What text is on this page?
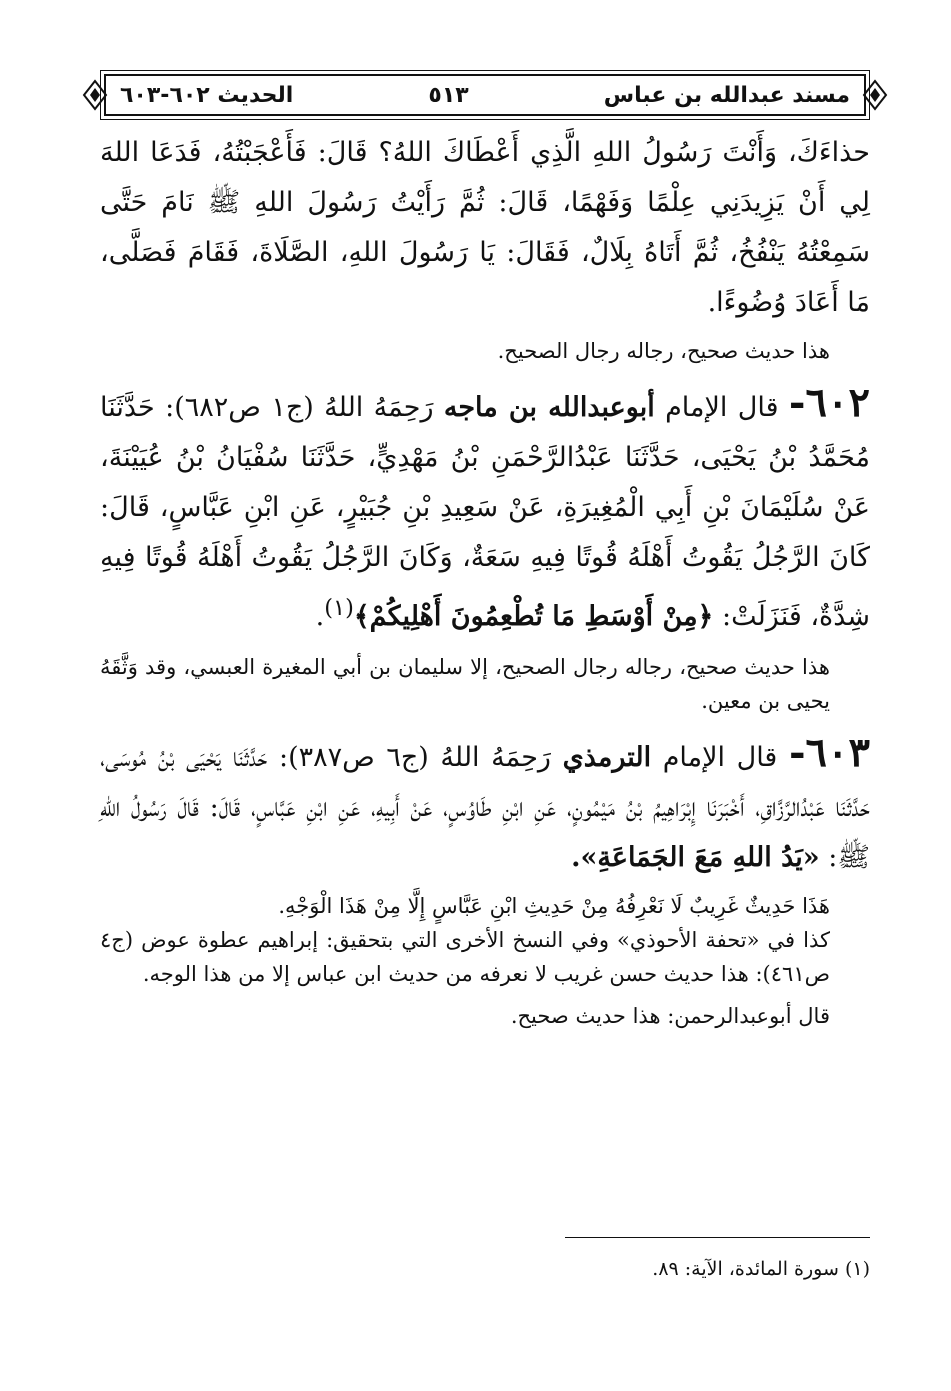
مسند عبدالله بن عباس
٥١٣
الحديث ٦٠٢-٦٠٣

حذاءَكَ، وَأَنْتَ رَسُولُ اللهِ الَّذِي أَعْطَاكَ اللهُ؟ قَالَ: فَأَعْجَبْتُهُ، فَدَعَا اللهَ لِي أَنْ يَزِيدَنِي عِلْمًا وَفَهْمًا، قَالَ: ثُمَّ رَأَيْتُ رَسُولَ اللهِ ﷺ نَامَ حَتَّى سَمِعْتُهُ يَنْفُخُ، ثُمَّ أَتَاهُ بِلَالٌ، فَقَالَ: يَا رَسُولَ اللهِ، الصَّلَاةَ، فَقَامَ فَصَلَّى، مَا أَعَادَ وُضُوءًا.

هذا حديث صحيح، رجاله رجال الصحيح.

٦٠٢- قال الإمام أبوعبدالله بن ماجه رَحِمَهُ اللهُ (ج١ ص٦٨٢): حَدَّثَنَا مُحَمَّدُ بْنُ يَحْيَى، حَدَّثَنَا عَبْدُالرَّحْمَنِ بْنُ مَهْدِيٍّ، حَدَّثَنَا سُفْيَانُ بْنُ عُيَيْنَةَ، عَنْ سُلَيْمَانَ بْنِ أَبِي الْمُغِيرَةِ، عَنْ سَعِيدِ بْنِ جُبَيْرٍ، عَنِ ابْنِ عَبَّاسٍ، قَالَ: كَانَ الرَّجُلُ يَقُوتُ أَهْلَهُ قُوتًا فِيهِ سَعَةٌ، وَكَانَ الرَّجُلُ يَقُوتُ أَهْلَهُ قُوتًا فِيهِ شِدَّةٌ، فَنَزَلَتْ: ﴿مِنْ أَوْسَطِ مَا تُطْعِمُونَ أَهْلِيكُمْ﴾$^{(١)}$.

هذا حديث صحيح، رجاله رجال الصحيح، إلا سليمان بن أبي المغيرة العبسي، وقد وَثَّقَهُ يحيى بن معين.

٦٠٣- قال الإمام الترمذي رَحِمَهُ اللهُ (ج٦ ص٣٨٧): حَدَّثَنَا يَحْيَى بْنُ مُوسَى، حَدَّثَنَا عَبْدُالرَّزَّاقِ، أَخْبَرَنَا إِبْرَاهِيمُ بْنُ مَيْمُونٍ، عَنِ ابْنِ طَاوُسٍ، عَنْ أَبِيهِ، عَنِ ابْنِ عَبَّاسٍ، قَالَ: قَالَ رَسُولُ اللهِ ﷺ: «يَدُ اللهِ مَعَ الجَمَاعَةِ».

هَذَا حَدِيثٌ غَرِيبٌ لَا نَعْرِفُهُ مِنْ حَدِيثِ ابْنِ عَبَّاسٍ إِلَّا مِنْ هَذَا الْوَجْهِ.

كذا في «تحفة الأحوذي» وفي النسخ الأخرى التي بتحقيق: إبراهيم عطوة عوض (ج٤ ص٤٦١): هذا حديث حسن غريب لا نعرفه من حديث ابن عباس إلا من هذا الوجه.

قال أبوعبدالرحمن: هذا حديث صحيح.

(١) سورة المائدة، الآية: ٨٩.
